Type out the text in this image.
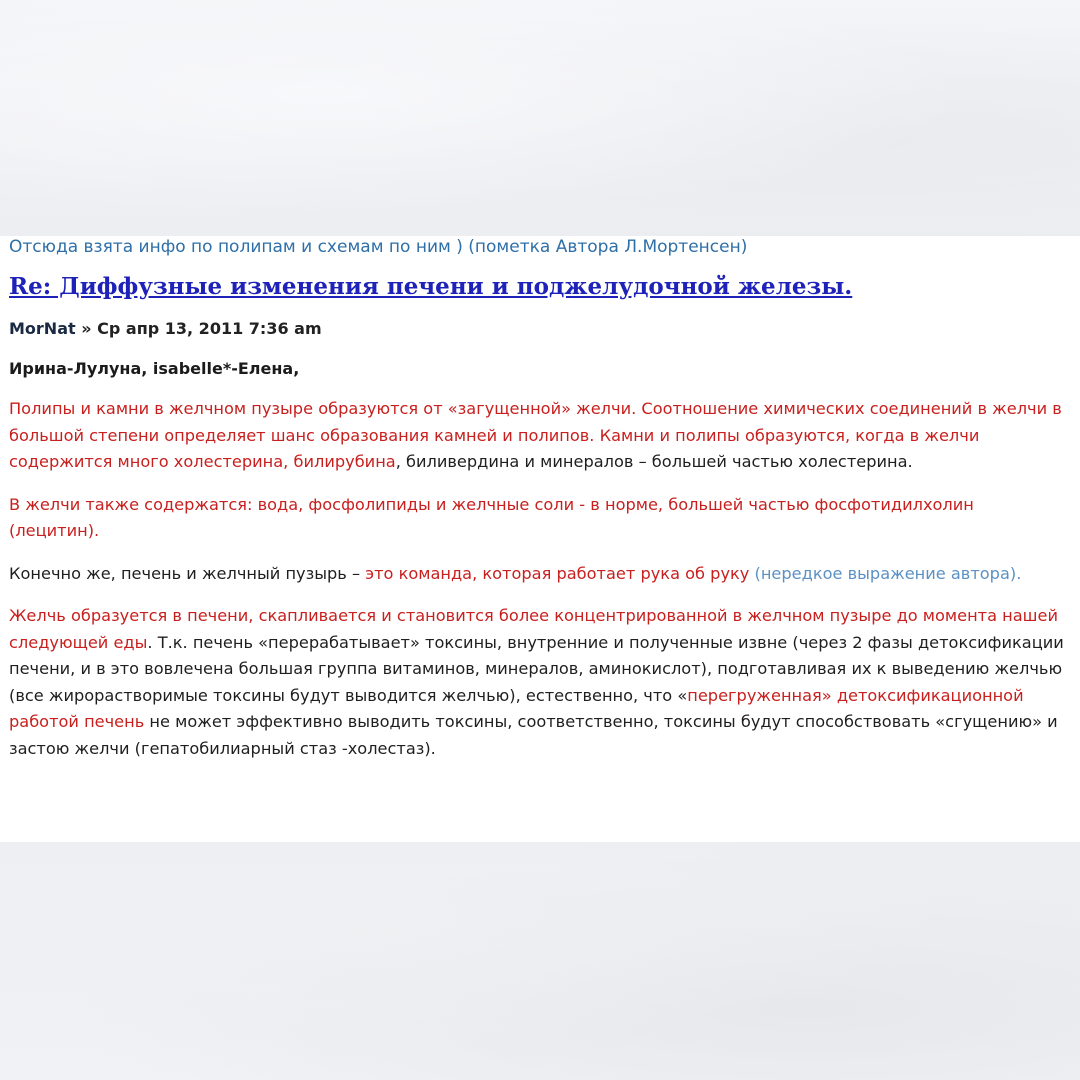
Отсюда взята инфо по полипам и схемам по ним ) (пометка Автора Л.Мортенсен)
Re: Диффузные изменения печени и поджелудочной железы.
MorNat » Ср апр 13, 2011 7:36 am
Ирина-Лулуна, isabelle*-Елена,

Полипы и камни в желчном пузыре образуются от «загущенной» желчи. Соотношение химических соединений в желчи в большой степени определяет шанс образования камней и полипов. Камни и полипы образуются, когда в желчи содержится много холестерина, билирубина, биливердина и минералов – большей частью холестерина.

В желчи также содержатся: вода, фосфолипиды и желчные соли - в норме, большей частью фосфотидилхолин (лецитин).

Конечно же, печень и желчный пузырь – это команда, которая работает рука об руку (нередкое выражение автора).

Желчь образуется в печени, скапливается и становится более концентрированной в желчном пузыре до момента нашей следующей еды. Т.к. печень «перерабатывает» токсины, внутренние и полученные извне (через 2 фазы детоксификации печени, и в это вовлечена большая группа витаминов, минералов, аминокислот), подготавливая их к выведению желчью (все жирорастворимые токсины будут выводится желчью), естественно, что «перегруженная» детоксификационной работой печень не может эффективно выводить токсины, соответственно, токсины будут способствовать «сгущению» и застою желчи (гепатобилиарный стаз -холестаз).
